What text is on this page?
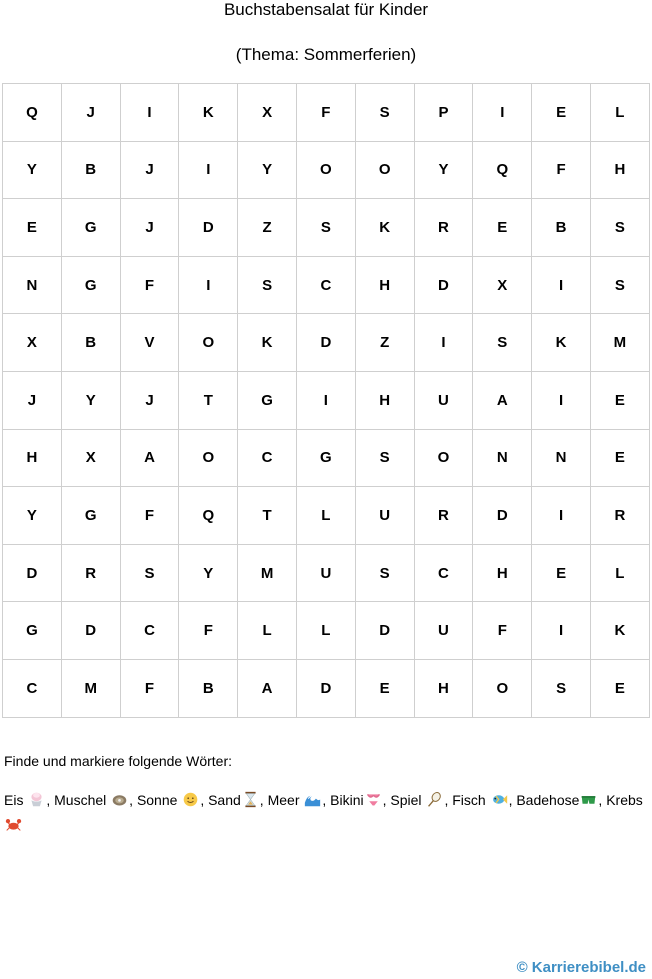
Buchstabensalat für Kinder
(Thema: Sommerferien)
Q	J	I	K	X	F	S	P	I	E	L
Y	B	J	I	Y	O	O	Y	Q	F	H
E	G	J	D	Z	S	K	R	E	B	S
N	G	F	I	S	C	H	D	X	I	S
X	B	V	O	K	D	Z	I	S	K	M
J	Y	J	T	G	I	H	U	A	I	E
H	X	A	O	C	G	S	O	N	N	E
Y	G	F	Q	T	L	U	R	D	I	R
D	R	S	Y	M	U	S	C	H	E	L
G	D	C	F	L	L	D	U	F	I	K
C	M	F	B	A	D	E	H	O	S	E
Finde und markiere folgende Wörter:
Eis , Muschel , Sonne , Sand , Meer , Bikini , Spiel , Fisch , Badehose , Krebs
© Karrierebibel.de
